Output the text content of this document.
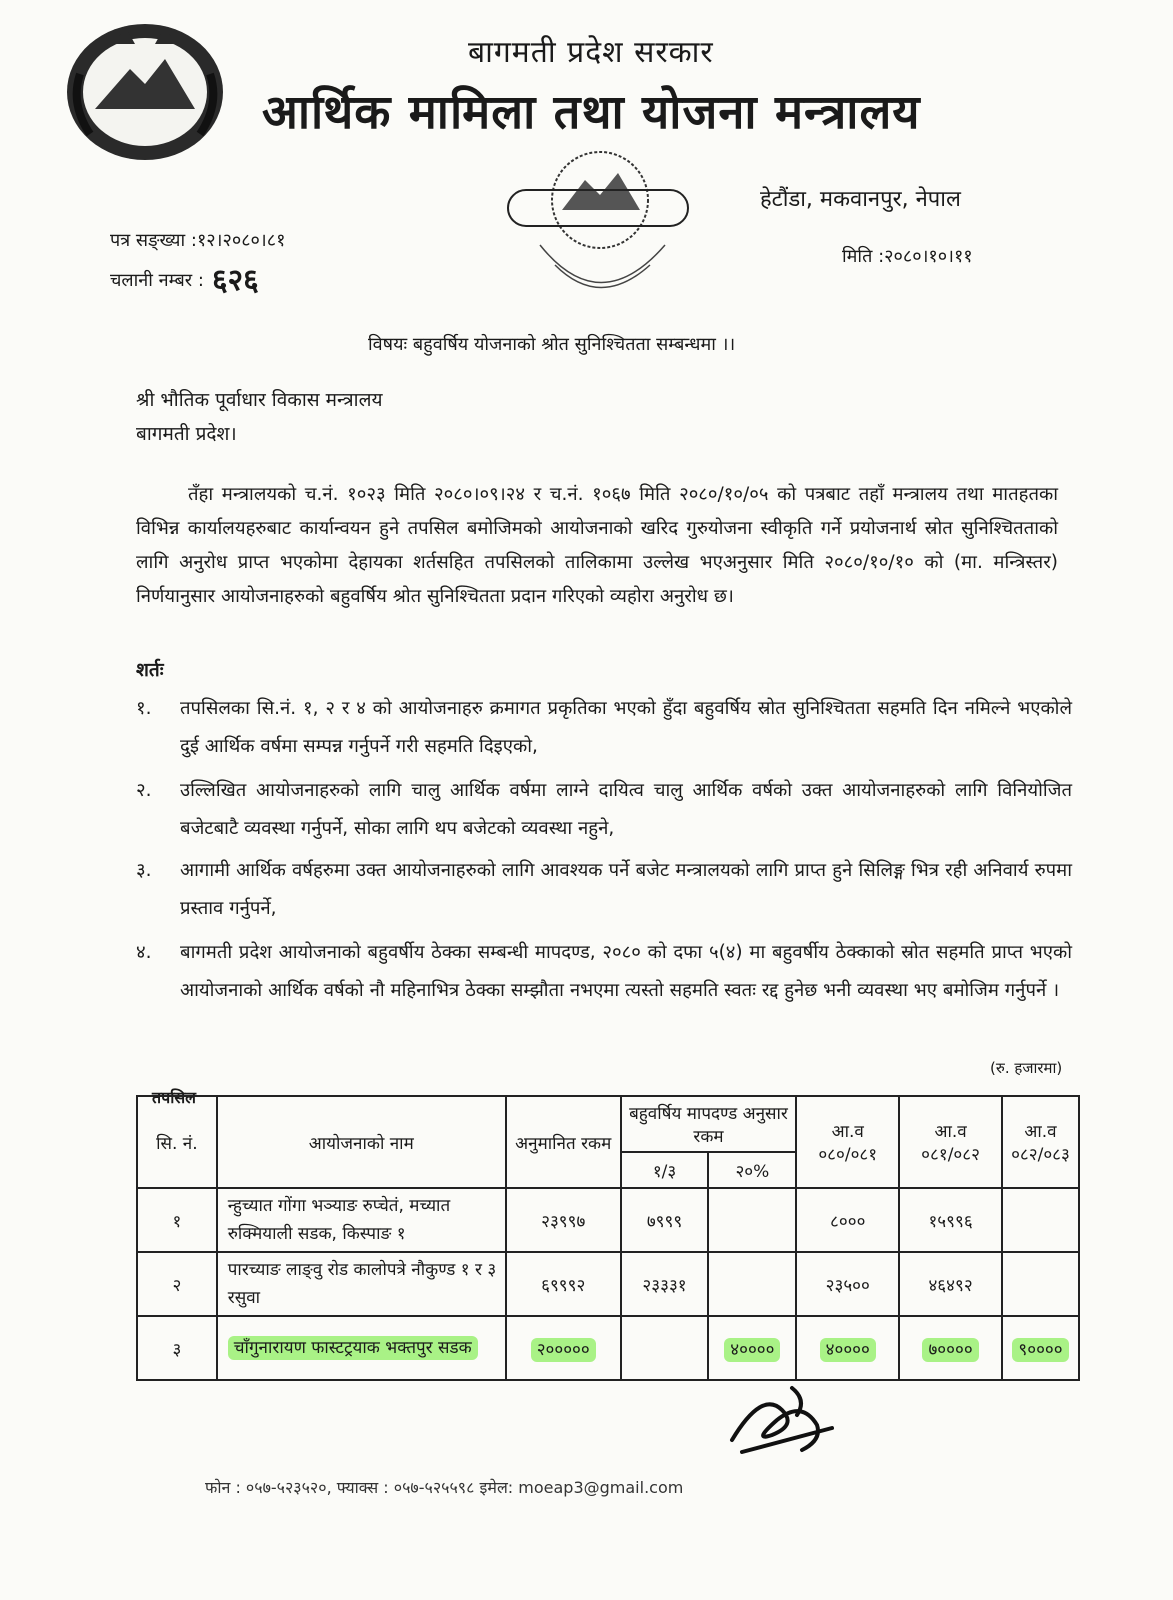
बागमती प्रदेश सरकार
आर्थिक मामिला तथा योजना मन्त्रालय
हेटौंडा, मकवानपुर, नेपाल
पत्र सङ्ख्या :१२।२०८०।८१
चलानी नम्बर : ६२६
मिति :२०८०।१०।११
विषयः बहुवर्षिय योजनाको श्रोत सुनिश्चितता सम्बन्धमा ।।
श्री भौतिक पूर्वाधार विकास मन्त्रालय
बागमती प्रदेश।
तँहा मन्त्रालयको च.नं. १०२३ मिति २०८०।०९।२४ र च.नं. १०६७ मिति २०८०/१०/०५ को पत्रबाट तहाँ मन्त्रालय तथा मातहतका विभिन्न कार्यालयहरुबाट कार्यान्वयन हुने तपसिल बमोजिमको आयोजनाको खरिद गुरुयोजना स्वीकृति गर्ने प्रयोजनार्थ स्रोत सुनिश्चितताको लागि अनुरोध प्राप्त भएकोमा देहायका शर्तसहित तपसिलको तालिकामा उल्लेख भएअनुसार मिति २०८०/१०/१० को (मा. मन्त्रिस्तर) निर्णयानुसार आयोजनाहरुको बहुवर्षिय श्रोत सुनिश्चितता प्रदान गरिएको व्यहोरा अनुरोध छ।
शर्तः
१.	तपसिलका सि.नं. १, २ र ४ को आयोजनाहरु क्रमागत प्रकृतिका भएको हुँदा बहुवर्षिय स्रोत सुनिश्चितता सहमति दिन नमिल्ने भएकोले दुई आर्थिक वर्षमा सम्पन्न गर्नुपर्ने गरी सहमति दिइएको,
२.	उल्लिखित आयोजनाहरुको लागि चालु आर्थिक वर्षमा लाग्ने दायित्व चालु आर्थिक वर्षको उक्त आयोजनाहरुको लागि विनियोजित बजेटबाटै व्यवस्था गर्नुपर्ने, सोका लागि थप बजेटको व्यवस्था नहुने,
३.	आगामी आर्थिक वर्षहरुमा उक्त आयोजनाहरुको लागि आवश्यक पर्ने बजेट मन्त्रालयको लागि प्राप्त हुने सिलिङ्ग भित्र रही अनिवार्य रुपमा प्रस्ताव गर्नुपर्ने,
४.	बागमती प्रदेश आयोजनाको बहुवर्षीय ठेक्का सम्बन्धी मापदण्ड, २०८० को दफा ५(४) मा बहुवर्षीय ठेक्काको स्रोत सहमति प्राप्त भएको आयोजनाको आर्थिक वर्षको नौ महिनाभित्र ठेक्का सम्झौता नभएमा त्यस्तो सहमति स्वतः रद्द हुनेछ भनी व्यवस्था भए बमोजिम गर्नुपर्ने ।
(रु. हजारमा)
तपसिल
सि. नं.	आयोजनाको नाम	अनुमानित रकम	बहुवर्षिय मापदण्ड अनुसार रकम		आ.व ०८०/०८१	आ.व ०८१/०८२	आ.व ०८२/०८३
			१/३	२०%			
१	न्हुच्यात गोंगा भञ्याङ रुप्चेतं, मच्यात रुक्मियाली सडक, किस्पाङ १	२३९९७	७९९९		८०००	१५९९६	
२	पारच्याङ लाङ्वु रोड कालोपत्रे नौकुण्ड १ र ३ रसुवा	६९९९२	२३३३१		२३५००	४६४९२	
३	चाँगुनारायण फास्टट्रयाक भक्तपुर सडक	२०००००		४००००	४००००	७००००	९००००
फोन : ०५७-५२३५२०, फ्याक्स : ०५७-५२५५९८ इमेल: moeap3@gmail.com
